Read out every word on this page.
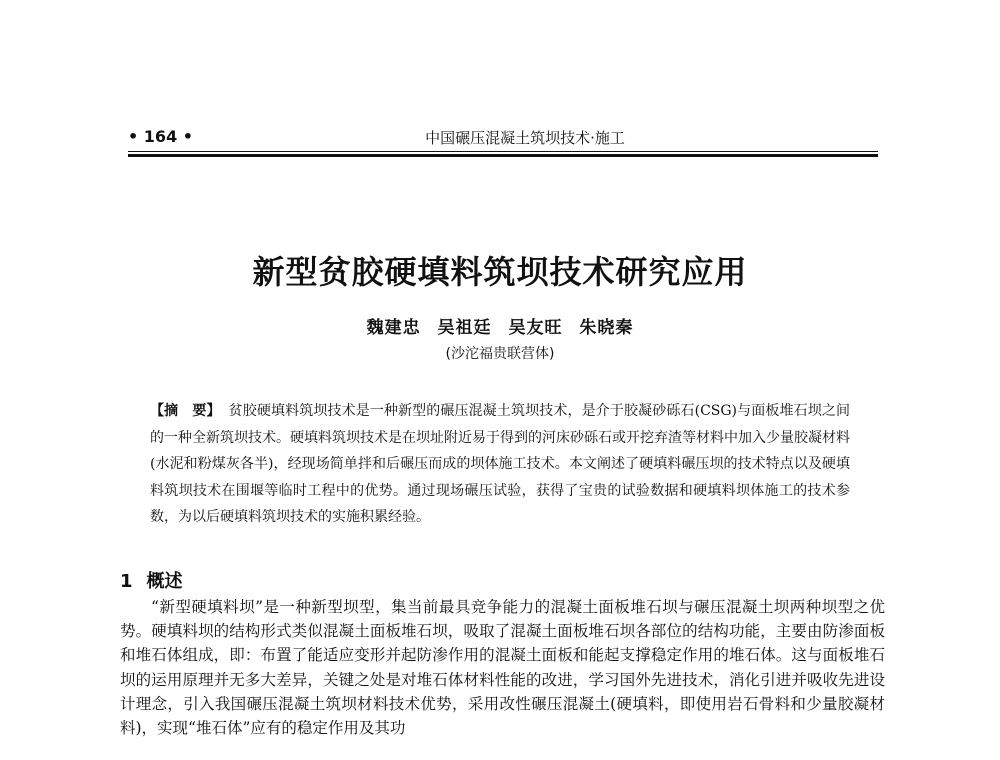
• 164 •	中国碾压混凝土筑坝技术·施工
新型贫胶硬填料筑坝技术研究应用
魏建忠 吴祖廷 吴友旺 朱晓秦
(沙沱福贵联营体)
【摘　要】 贫胶硬填料筑坝技术是一种新型的碾压混凝土筑坝技术，是介于胶凝砂砾石(CSG)与面板堆石坝之间的一种全新筑坝技术。硬填料筑坝技术是在坝址附近易于得到的河床砂砾石或开挖弃渣等材料中加入少量胶凝材料(水泥和粉煤灰各半)，经现场简单拌和后碾压而成的坝体施工技术。本文阐述了硬填料碾压坝的技术特点以及硬填料筑坝技术在围堰等临时工程中的优势。通过现场碾压试验，获得了宝贵的试验数据和硬填料坝体施工的技术参数，为以后硬填料筑坝技术的实施积累经验。
1 概述
“新型硬填料坝”是一种新型坝型，集当前最具竞争能力的混凝土面板堆石坝与碾压混凝土坝两种坝型之优势。硬填料坝的结构形式类似混凝土面板堆石坝，吸取了混凝土面板堆石坝各部位的结构功能，主要由防渗面板和堆石体组成，即：布置了能适应变形并起防渗作用的混凝土面板和能起支撑稳定作用的堆石体。这与面板堆石坝的运用原理并无多大差异，关键之处是对堆石体材料性能的改进，学习国外先进技术，消化引进并吸收先进设计理念，引入我国碾压混凝土筑坝材料技术优势，采用改性碾压混凝土(硬填料，即使用岩石骨料和少量胶凝材料)，实现“堆石体”应有的稳定作用及其功
